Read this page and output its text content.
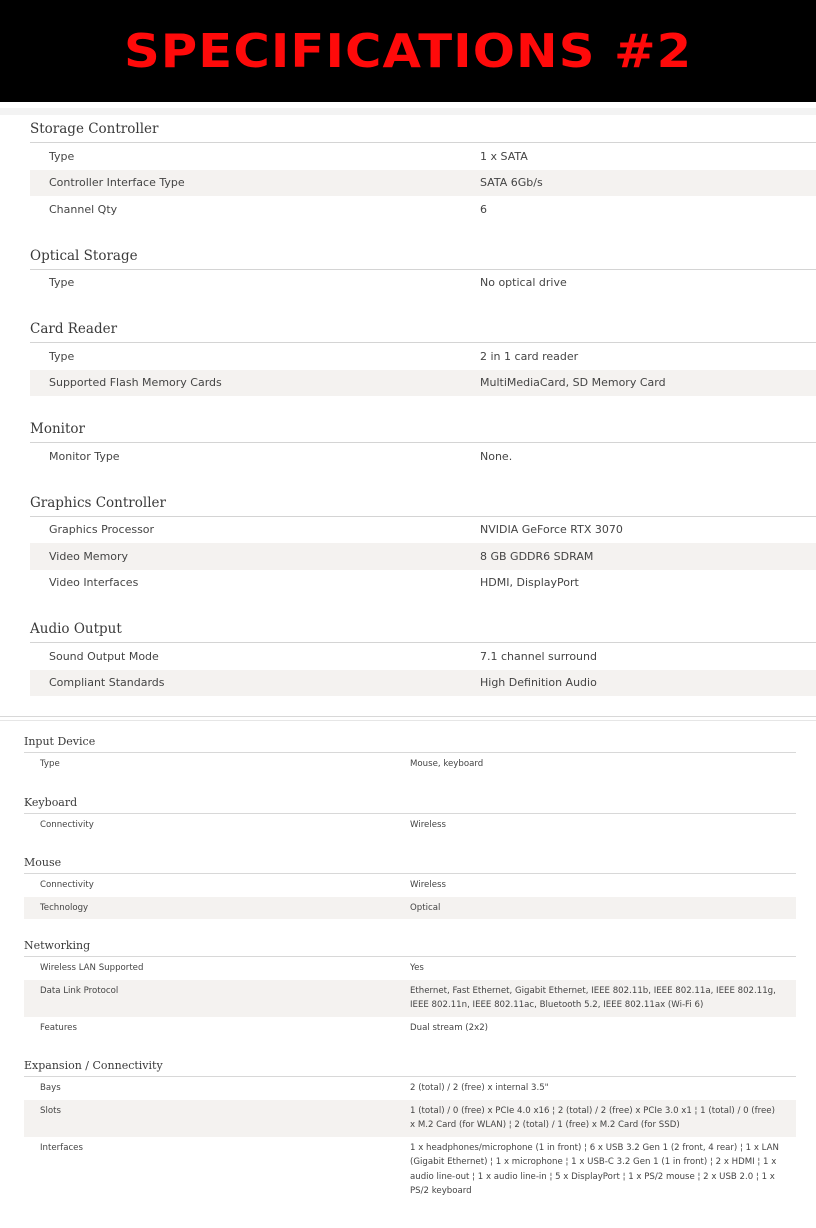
SPECIFICATIONS #2
Storage Controller
Type	1 x SATA
Controller Interface Type	SATA 6Gb/s
Channel Qty	6
Optical Storage
Type	No optical drive
Card Reader
Type	2 in 1 card reader
Supported Flash Memory Cards	MultiMediaCard, SD Memory Card
Monitor
Monitor Type	None.
Graphics Controller
Graphics Processor	NVIDIA GeForce RTX 3070
Video Memory	8 GB GDDR6 SDRAM
Video Interfaces	HDMI, DisplayPort
Audio Output
Sound Output Mode	7.1 channel surround
Compliant Standards	High Definition Audio
Input Device
Type	Mouse, keyboard
Keyboard
Connectivity	Wireless
Mouse
Connectivity	Wireless
Technology	Optical
Networking
Wireless LAN Supported	Yes
Data Link Protocol	Ethernet, Fast Ethernet, Gigabit Ethernet, IEEE 802.11b, IEEE 802.11a, IEEE 802.11g, IEEE 802.11n, IEEE 802.11ac, Bluetooth 5.2, IEEE 802.11ax (Wi-Fi 6)
Features	Dual stream (2x2)
Expansion / Connectivity
Bays	2 (total) / 2 (free) x internal 3.5"
Slots	1 (total) / 0 (free) x PCIe 4.0 x16 ¦ 2 (total) / 2 (free) x PCIe 3.0 x1 ¦ 1 (total) / 0 (free) x M.2 Card (for WLAN) ¦ 2 (total) / 1 (free) x M.2 Card (for SSD)
Interfaces	1 x headphones/microphone (1 in front) ¦ 6 x USB 3.2 Gen 1 (2 front, 4 rear) ¦ 1 x LAN (Gigabit Ethernet) ¦ 1 x microphone ¦ 1 x USB-C 3.2 Gen 1 (1 in front) ¦ 2 x HDMI ¦ 1 x audio line-out ¦ 1 x audio line-in ¦ 5 x DisplayPort ¦ 1 x PS/2 mouse ¦ 2 x USB 2.0 ¦ 1 x PS/2 keyboard
